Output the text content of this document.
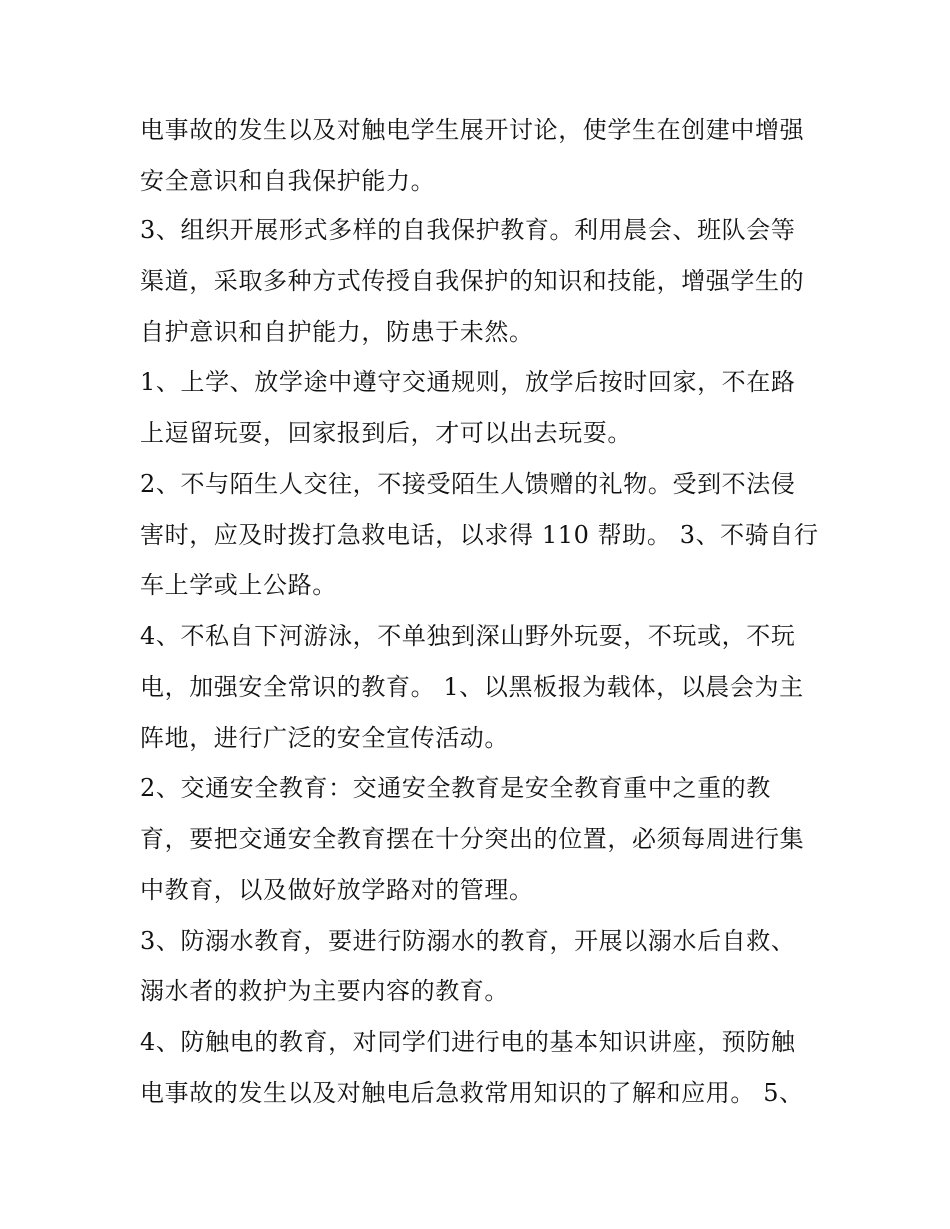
电事故的发生以及对触电学生展开讨论，使学生在创建中增强
安全意识和自我保护能力。
3、组织开展形式多样的自我保护教育。利用晨会、班队会等
渠道，采取多种方式传授自我保护的知识和技能，增强学生的
自护意识和自护能力，防患于未然。
1、上学、放学途中遵守交通规则，放学后按时回家，不在路
上逗留玩耍，回家报到后，才可以出去玩耍。
2、不与陌生人交往，不接受陌生人馈赠的礼物。受到不法侵
害时，应及时拨打急救电话，以求得 110 帮助。 3、不骑自行
车上学或上公路。
4、不私自下河游泳，不单独到深山野外玩耍，不玩或，不玩
电，加强安全常识的教育。 1、以黑板报为载体，以晨会为主
阵地，进行广泛的安全宣传活动。
2、交通安全教育：交通安全教育是安全教育重中之重的教
育，要把交通安全教育摆在十分突出的位置，必须每周进行集
中教育，以及做好放学路对的管理。
3、防溺水教育，要进行防溺水的教育，开展以溺水后自救、
溺水者的救护为主要内容的教育。
4、防触电的教育，对同学们进行电的基本知识讲座，预防触
电事故的发生以及对触电后急救常用知识的了解和应用。 5、
